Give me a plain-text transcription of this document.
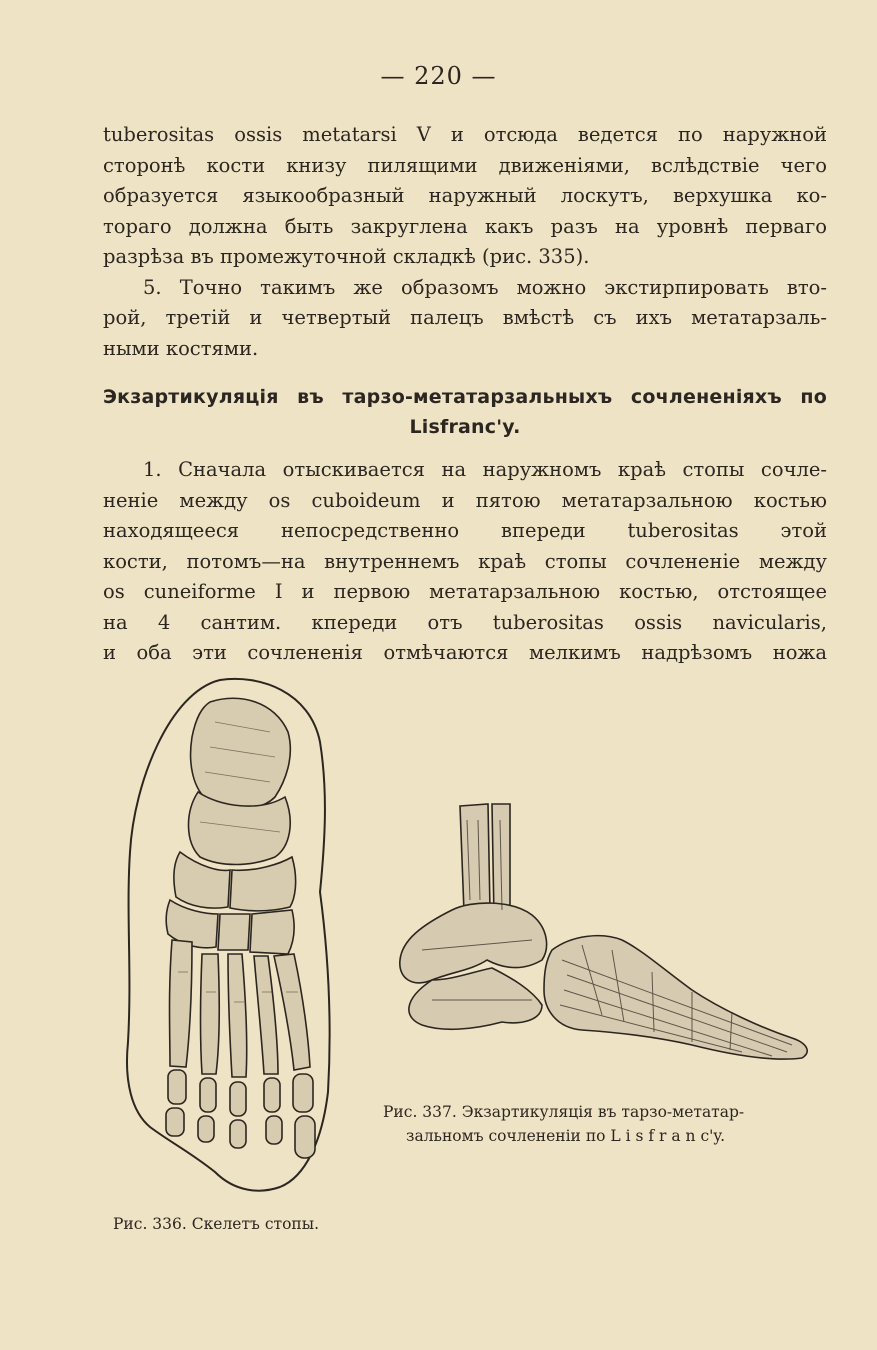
— 220 —
tuberositas ossis metatarsi V и отсюда ведется по наружной
сторонѣ кости книзу пилящими движеніями, вслѣдствіе чего
образуется языкообразный наружный лоскутъ, верхушка ко-
тораго должна быть закруглена какъ разъ на уровнѣ перваго
разрѣза въ промежуточной складкѣ (рис. 335).
5. Точно такимъ же образомъ можно экстирпировать вто-
рой, третій и четвертый палецъ вмѣстѣ съ ихъ метатарзаль-
ными костями.
Экзартикуляція въ тарзо-метатарзальныхъ сочлененіяхъ по
Lisfranc'y.
1. Сначала отыскивается на наружномъ краѣ стопы сочле-
неніе между os cuboideum и пятою метатарзальною костью
находящееся непосредственно впереди tuberositas этой
кости, потомъ—на внутреннемъ краѣ стопы сочлененіе между
os cuneiforme I и первою метатарзальною костью, отстоящее
на 4 сантим. кпереди отъ tuberositas ossis navicularis,
и оба эти сочлененія отмѣчаются мелкимъ надрѣзомъ ножа
Рис. 337. Экзартикуляція въ тарзо-метатар-
зальномъ сочлененіи по L i s f r a n c'y.
Рис. 336. Скелетъ стопы.
